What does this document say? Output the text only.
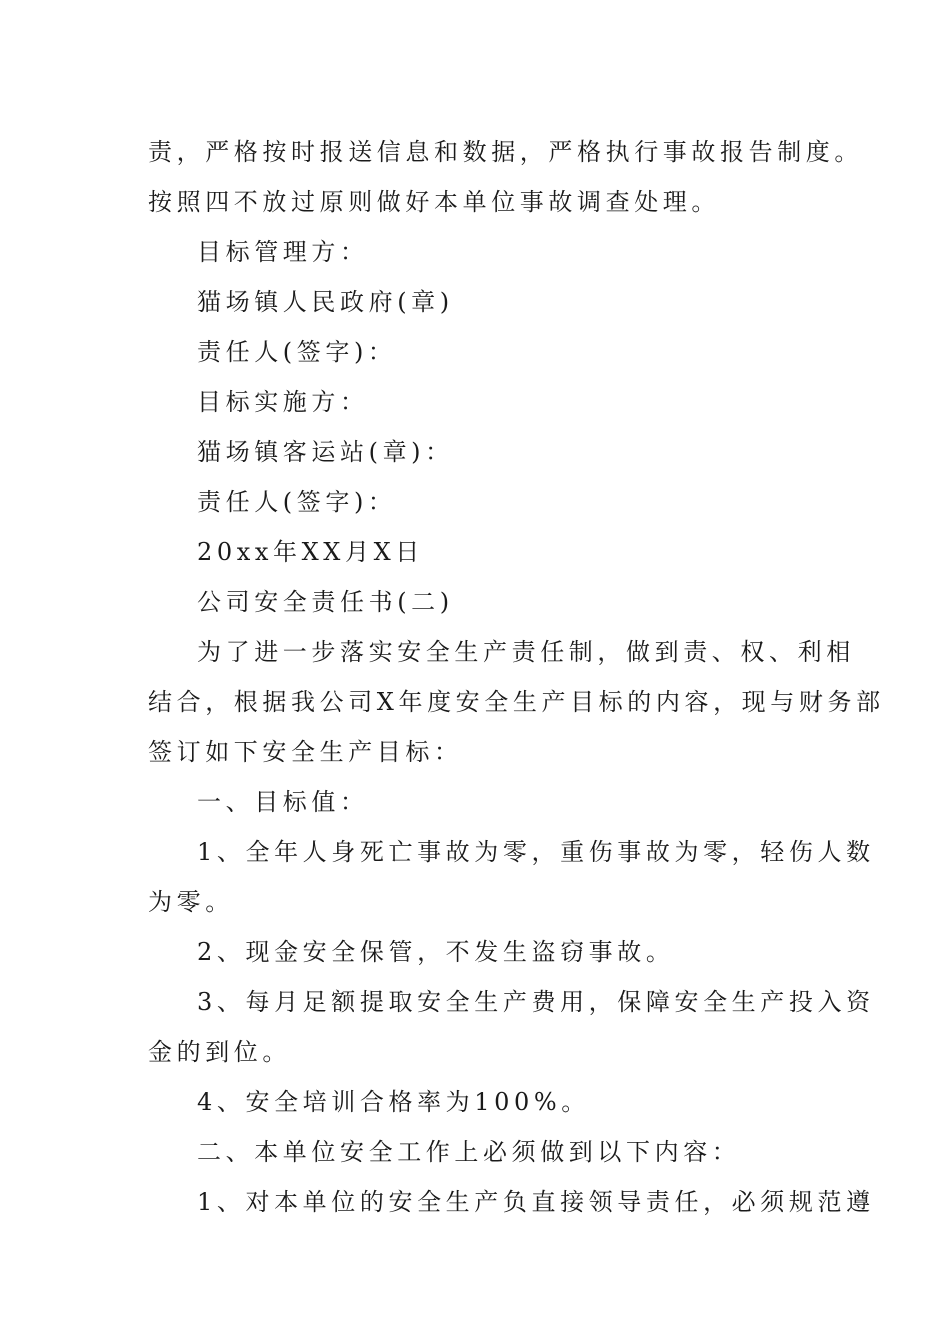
责，严格按时报送信息和数据，严格执行事故报告制度。
按照四不放过原则做好本单位事故调查处理。
目标管理方：
猫场镇人民政府(章)
责任人(签字)：
目标实施方：
猫场镇客运站(章)：
责任人(签字)：
20xx年XX月X日
公司安全责任书(二)
为了进一步落实安全生产责任制，做到责、权、利相
结合，根据我公司X年度安全生产目标的内容，现与财务部
签订如下安全生产目标：
一、目标值：
1、全年人身死亡事故为零，重伤事故为零，轻伤人数
为零。
2、现金安全保管，不发生盗窃事故。
3、每月足额提取安全生产费用，保障安全生产投入资
金的到位。
4、安全培训合格率为100%。
二、本单位安全工作上必须做到以下内容：
1、对本单位的安全生产负直接领导责任，必须规范遵
